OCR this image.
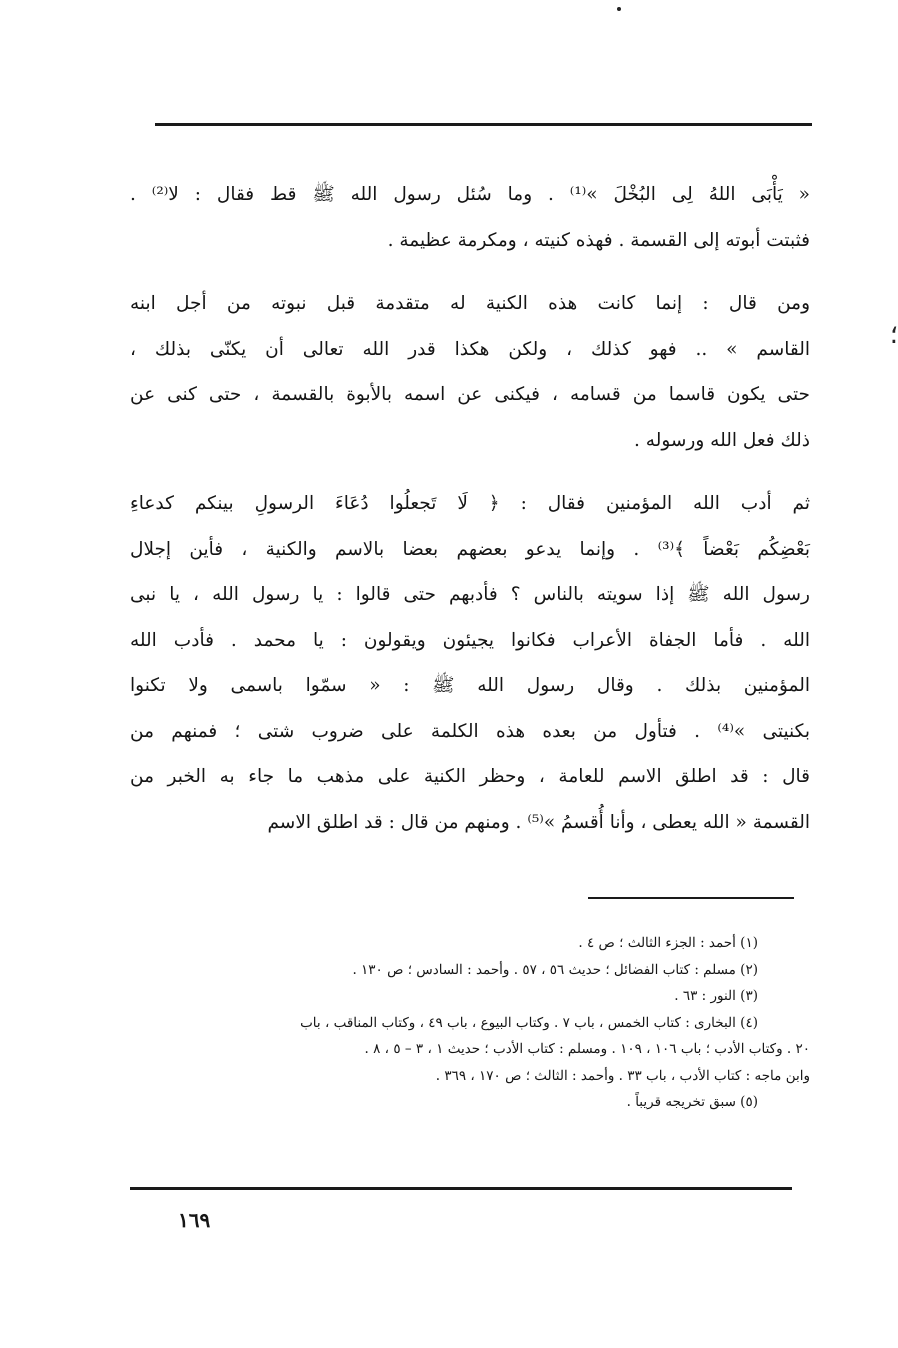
؛

« يَأْبَى اللهُ لِى البُخْلَ »⁽¹⁾ . وما سُئل رسول الله ﷺ قط فقال : لا⁽²⁾ .
فثبتت أبوته إلى القسمة . فهذه كنيته ، ومكرمة عظيمة .

ومن قال : إنما كانت هذه الكنية له متقدمة قبل نبوته من أجل ابنه
القاسم » .. فهو كذلك ، ولكن هكذا قدر الله تعالى أن يكنّى بذلك ،
حتى يكون قاسما من قسامه ، فيكنى عن اسمه بالأبوة بالقسمة ، حتى كنى عن
ذلك فعل الله ورسوله .

ثم أدب الله المؤمنين فقال : ﴿ لَا تَجعلُوا دُعَاءَ الرسولِ بينكم كدعاءِ
بَعْضِكُم بَعْضاً ﴾⁽³⁾ . وإنما يدعو بعضهم بعضا بالاسم والكنية ، فأين إجلال
رسول الله ﷺ إذا سويته بالناس ؟ فأدبهم حتى قالوا : يا رسول الله ، يا نبى
الله . فأما الجفاة الأعراب فكانوا يجيئون ويقولون : يا محمد . فأدب الله
المؤمنين بذلك . وقال رسول الله ﷺ : « سمّوا باسمى ولا تكنوا
بكنيتى »⁽⁴⁾ . فتأول من بعده هذه الكلمة على ضروب شتى ؛ فمنهم من
قال : قد اطلق الاسم للعامة ، وحظر الكنية على مذهب ما جاء به الخبر من
القسمة « الله يعطى ، وأنا أُقسمُ »⁽⁵⁾ . ومنهم من قال : قد اطلق الاسم

(١) أحمد : الجزء الثالث ؛ ص ٤ .
(٢) مسلم : كتاب الفضائل ؛ حديث ٥٦ ، ٥٧ . وأحمد : السادس ؛ ص ١٣٠ .
(٣) النور : ٦٣ .
(٤) البخارى : كتاب الخمس ، باب ٧ . وكتاب البيوع ، باب ٤٩ ، وكتاب المناقب ، باب
٢٠ . وكتاب الأدب ؛ باب ١٠٦ ، ١٠٩ . ومسلم : كتاب الأدب ؛ حديث ١ ، ٣ – ٥ ، ٨ .
وابن ماجه : كتاب الأدب ، باب ٣٣ . وأحمد : الثالث ؛ ص ١٧٠ ، ٣٦٩ .
(٥) سبق تخريجه قريباً .
١٦٩
